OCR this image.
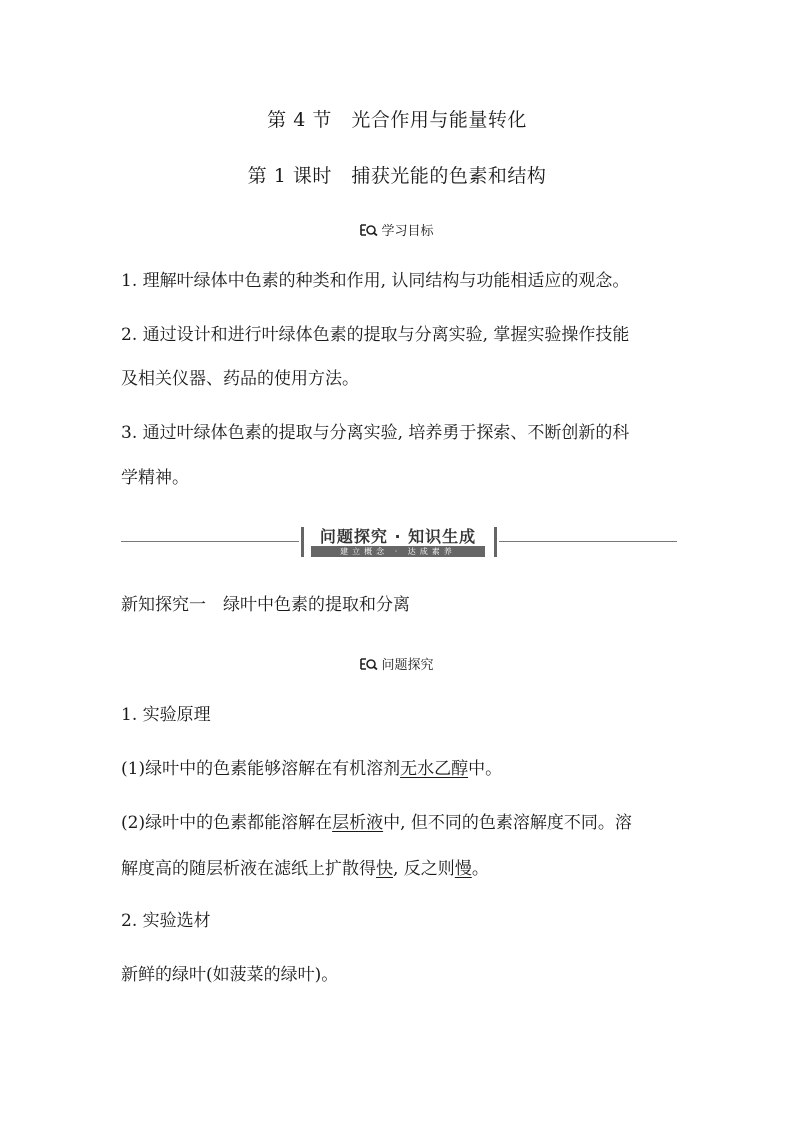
第 4 节　光合作用与能量转化
第 1 课时　捕获光能的色素和结构
学习目标
1. 理解叶绿体中色素的种类和作用, 认同结构与功能相适应的观念。
2. 通过设计和进行叶绿体色素的提取与分离实验, 掌握实验操作技能
及相关仪器、药品的使用方法。
3. 通过叶绿体色素的提取与分离实验, 培养勇于探索、不断创新的科
学精神。
问题探究 · 知识生成
建立概念 · 达成素养
新知探究一　绿叶中色素的提取和分离
问题探究
1. 实验原理
(1)绿叶中的色素能够溶解在有机溶剂无水乙醇中。
(2)绿叶中的色素都能溶解在层析液中, 但不同的色素溶解度不同。溶
解度高的随层析液在滤纸上扩散得快, 反之则慢。
2. 实验选材
新鲜的绿叶(如菠菜的绿叶)。
